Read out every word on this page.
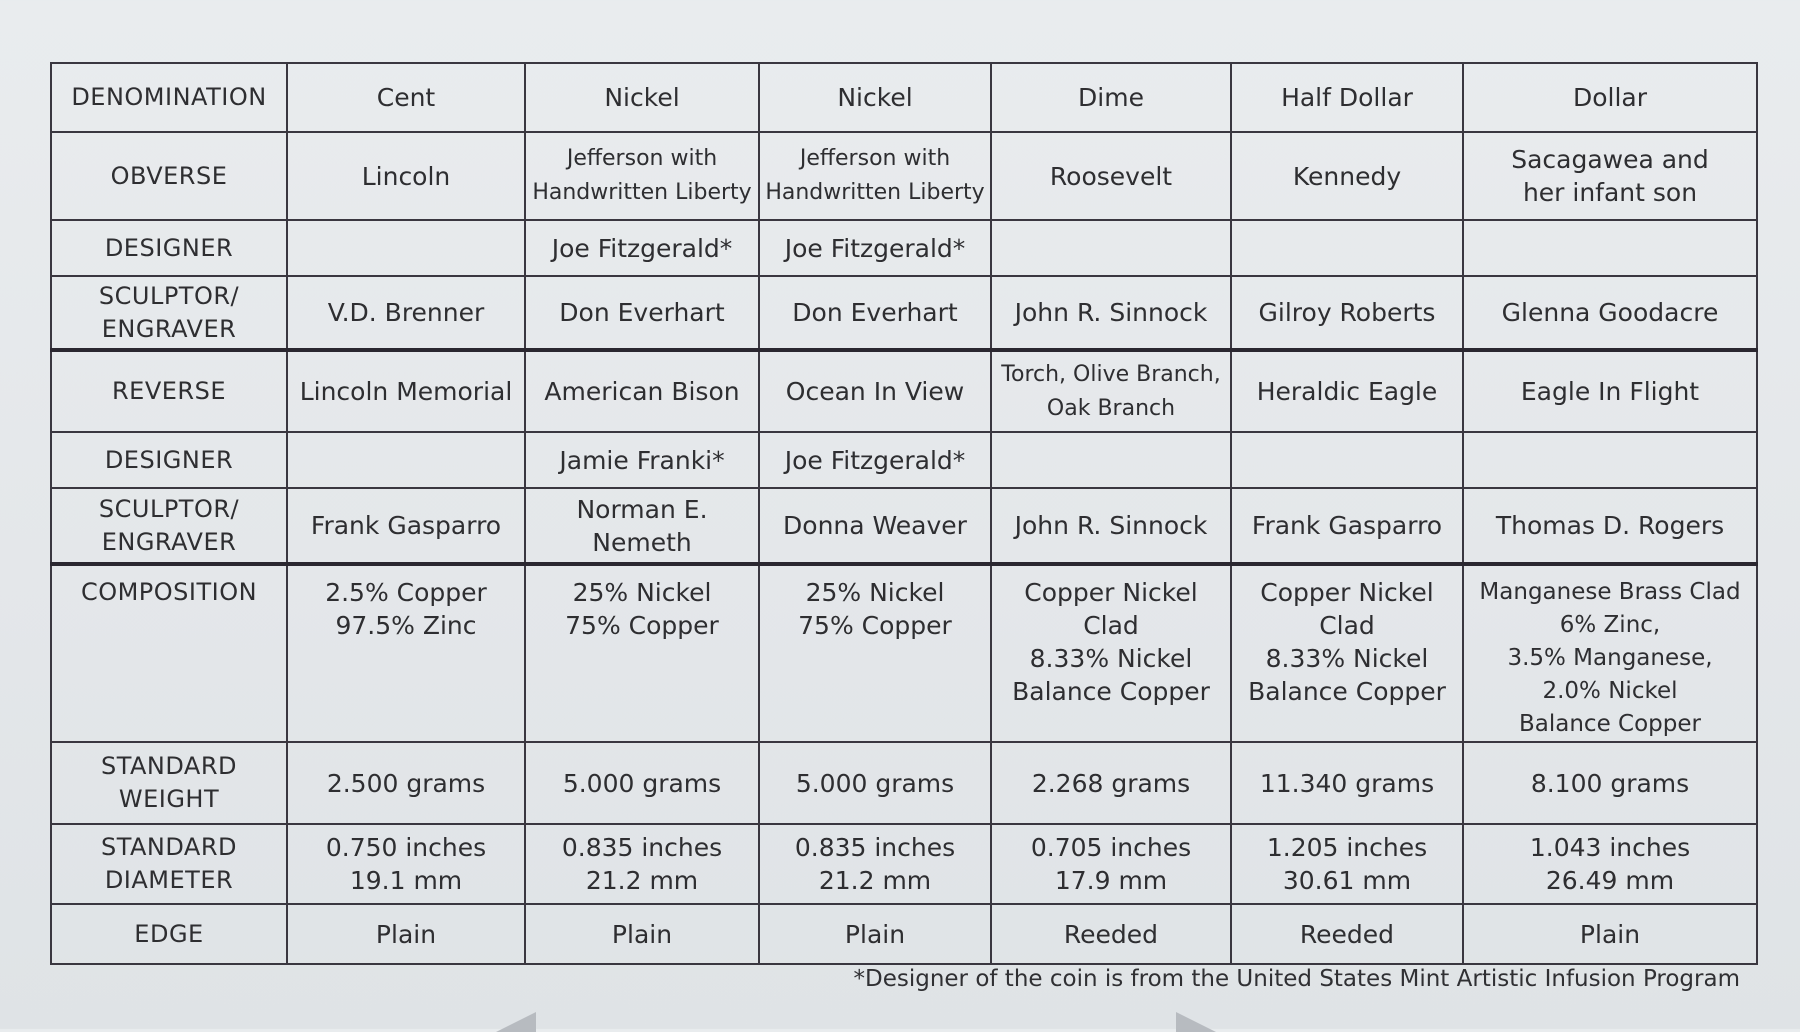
DENOMINATION	Cent	Nickel	Nickel	Dime	Half Dollar	Dollar

OBVERSE	Lincoln	Jefferson with
Handwritten Liberty	Jefferson with
Handwritten Liberty	Roosevelt	Kennedy	Sacagawea and
her infant son

DESIGNER		Joe Fitzgerald*	Joe Fitzgerald*			

SCULPTOR/
ENGRAVER	V.D. Brenner	Don Everhart	Don Everhart	John R. Sinnock	Gilroy Roberts	Glenna Goodacre

REVERSE	Lincoln Memorial	American Bison	Ocean In View	Torch, Olive Branch,
Oak Branch	Heraldic Eagle	Eagle In Flight

DESIGNER		Jamie Franki*	Joe Fitzgerald*			

SCULPTOR/
ENGRAVER	Frank Gasparro	Norman E. Nemeth	Donna Weaver	John R. Sinnock	Frank Gasparro	Thomas D. Rogers

COMPOSITION	2.5% Copper
97.5% Zinc	25% Nickel
75% Copper	25% Nickel
75% Copper	Copper Nickel
Clad
8.33% Nickel
Balance Copper	Copper Nickel
Clad
8.33% Nickel
Balance Copper	Manganese Brass Clad
6% Zinc,
3.5% Manganese,
2.0% Nickel
Balance Copper

STANDARD
WEIGHT	2.500 grams	5.000 grams	5.000 grams	2.268 grams	11.340 grams	8.100 grams

STANDARD
DIAMETER	0.750 inches
19.1 mm	0.835 inches
21.2 mm	0.835 inches
21.2 mm	0.705 inches
17.9 mm	1.205 inches
30.61 mm	1.043 inches
26.49 mm

EDGE	Plain	Plain	Plain	Reeded	Reeded	Plain
*Designer of the coin is from the United States Mint Artistic Infusion Program
